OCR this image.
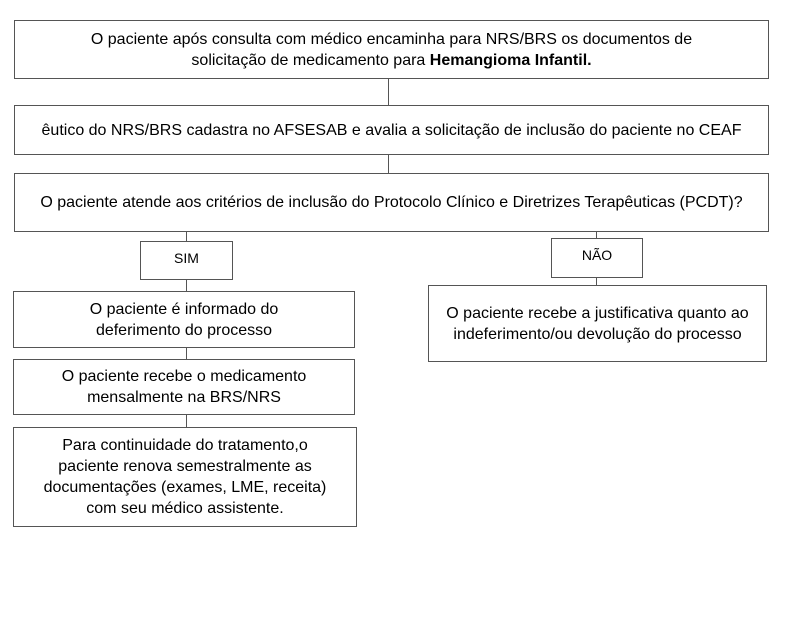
O paciente após consulta com médico encaminha para NRS/BRS os documentos de solicitação de medicamento para Hemangioma Infantil.
êutico do NRS/BRS cadastra no AFSESAB e avalia a solicitação de inclusão do paciente no CEAF
O paciente atende aos critérios de inclusão do Protocolo Clínico e Diretrizes Terapêuticas (PCDT)?
SIM	NÃO
O paciente é informado do deferimento do processo
O paciente recebe o medicamento mensalmente na BRS/NRS
Para continuidade do tratamento,o paciente renova semestralmente as documentações (exames, LME, receita) com seu médico assistente.
O paciente recebe a justificativa quanto ao indeferimento/ou devolução do processo
